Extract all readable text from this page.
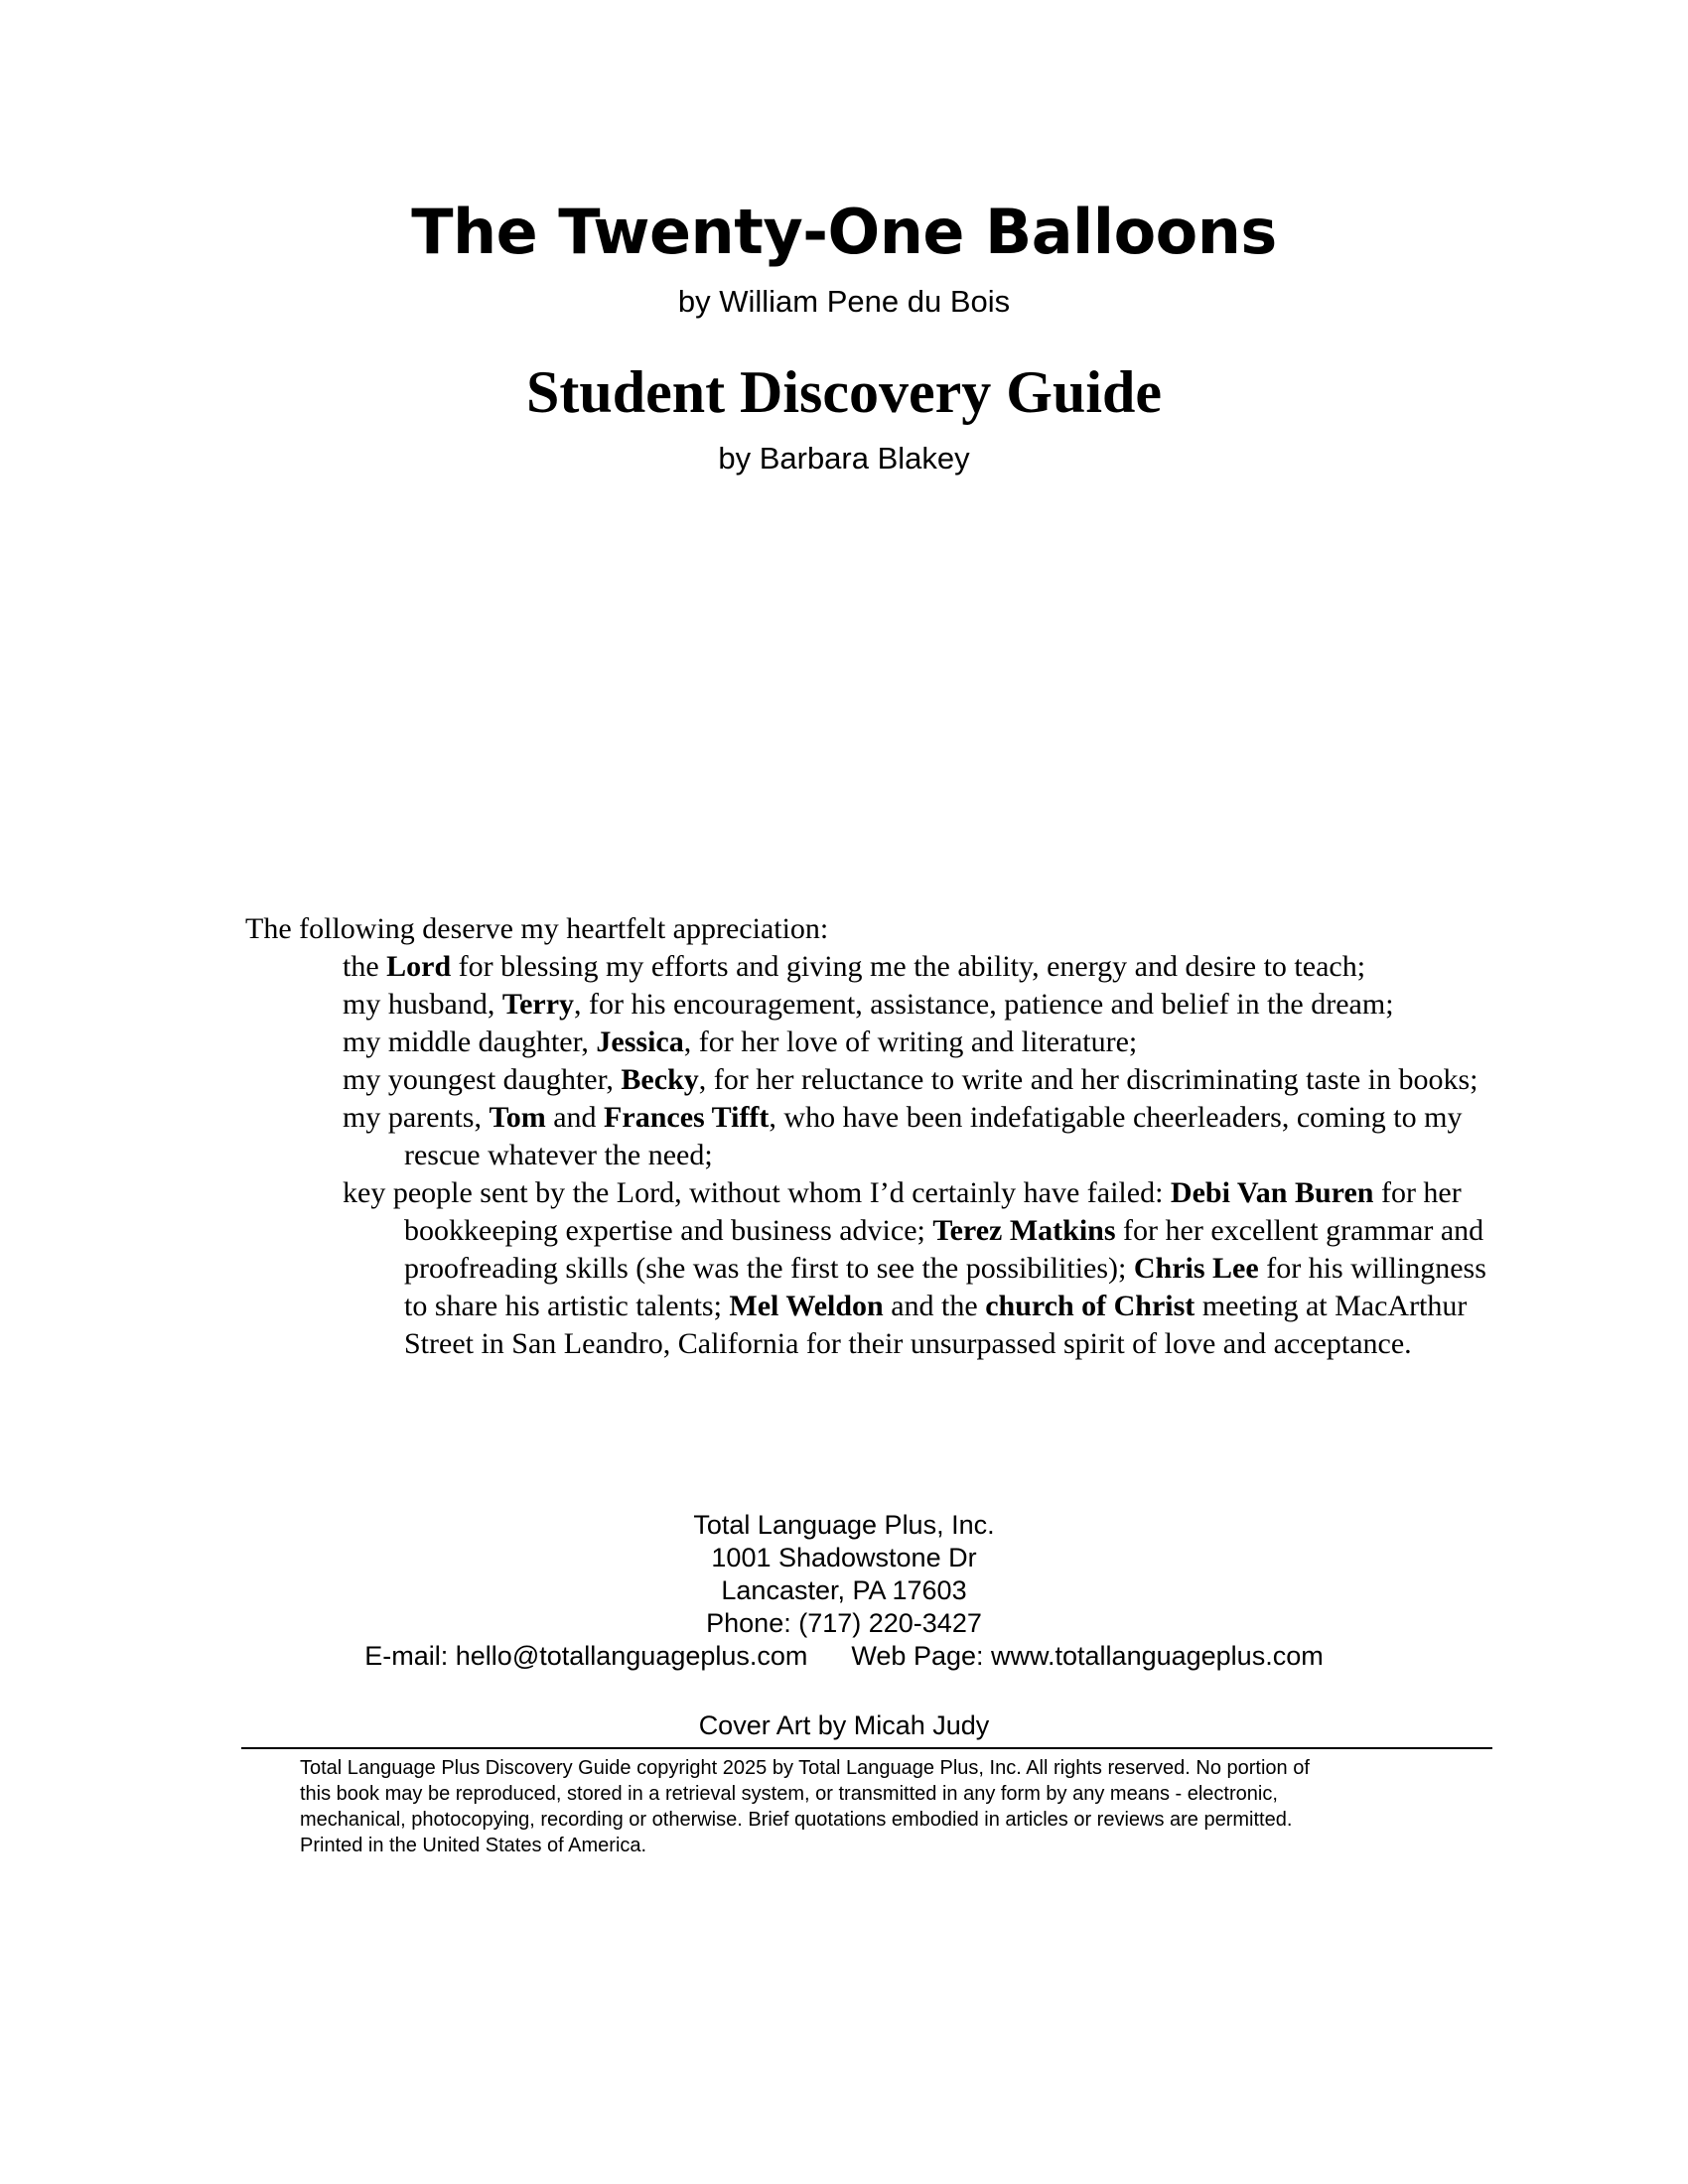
The Twenty-One Balloons
by William Pene du Bois
Student Discovery Guide
by Barbara Blakey

The following deserve my heartfelt appreciation:

the Lord for blessing my efforts and giving me the ability, energy and desire to teach;
my husband, Terry, for his encouragement, assistance, patience and belief in the dream;
my middle daughter, Jessica, for her love of writing and literature;
my youngest daughter, Becky, for her reluctance to write and her discriminating taste in books;
my parents, Tom and Frances Tifft, who have been indefatigable cheerleaders, coming to my rescue whatever the need;
key people sent by the Lord, without whom I’d certainly have failed: Debi Van Buren for her bookkeeping expertise and business advice; Terez Matkins for her excellent grammar and proofreading skills (she was the first to see the possibilities); Chris Lee for his willingness to share his artistic talents; Mel Weldon and the church of Christ meeting at MacArthur Street in San Leandro, California for their unsurpassed spirit of love and acceptance.
Total Language Plus, Inc.
1001 Shadowstone Dr
Lancaster, PA 17603
Phone: (717) 220-3427
E-mail: hello@totallanguageplus.com Web Page: www.totallanguageplus.com
Cover Art by Micah Judy

Total Language Plus Discovery Guide copyright 2025 by Total Language Plus, Inc. All rights reserved. No portion of

this book may be reproduced, stored in a retrieval system, or transmitted in any form by any means - electronic,

mechanical, photocopying, recording or otherwise. Brief quotations embodied in articles or reviews are permitted.

Printed in the United States of America.
